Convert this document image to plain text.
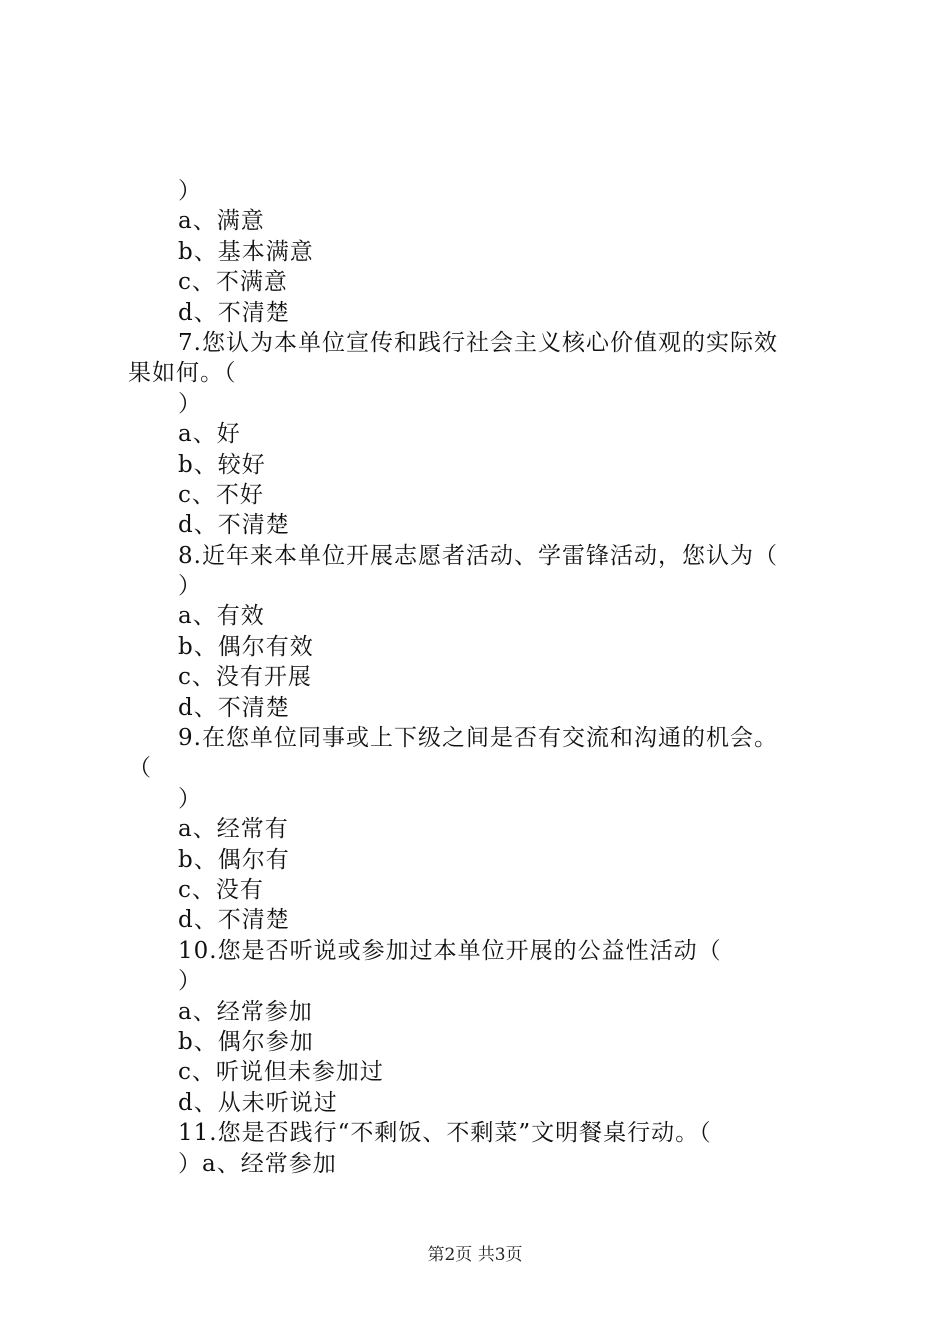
）
a、满意
b、基本满意
c、不满意
d、不清楚
7.您认为本单位宣传和践行社会主义核心价值观的实际效
果如何。（
）
a、好
b、较好
c、不好
d、不清楚
8.近年来本单位开展志愿者活动、学雷锋活动，您认为（
）
a、有效
b、偶尔有效
c、没有开展
d、不清楚
9.在您单位同事或上下级之间是否有交流和沟通的机会。
（
）
a、经常有
b、偶尔有
c、没有
d、不清楚
10.您是否听说或参加过本单位开展的公益性活动（
）
a、经常参加
b、偶尔参加
c、听说但未参加过
d、从未听说过
11.您是否践行“不剩饭、不剩菜”文明餐桌行动。（
）a、经常参加
第2页 共3页
